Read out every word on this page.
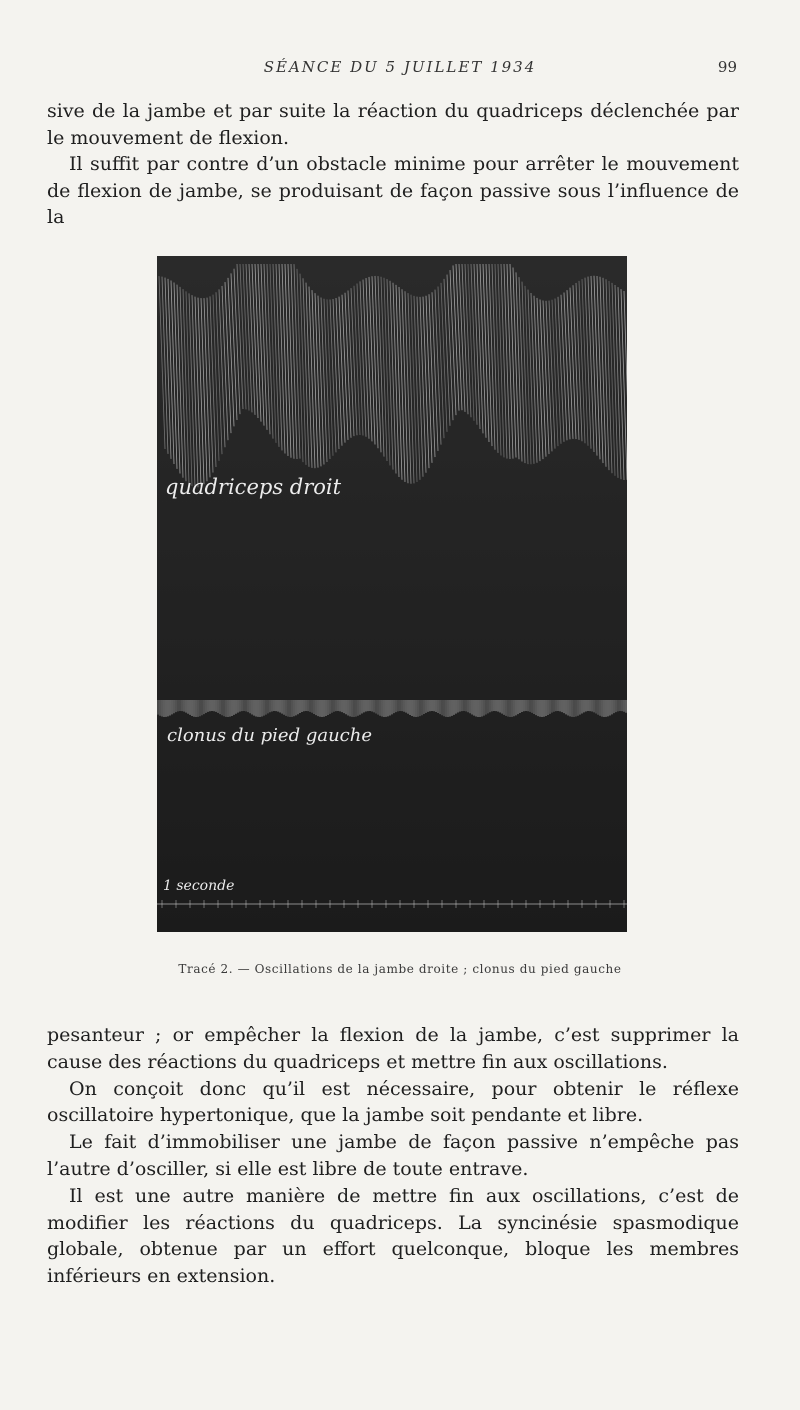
SÉANCE DU 5 JUILLET 1934	99

sive de la jambe et par suite la réaction du quadriceps déclenchée par le mouvement de flexion.

Il suffit par contre d’un obstacle minime pour arrêter le mouvement de flexion de jambe, se produisant de façon passive sous l’influence de la

quadriceps droit
clonus du pied gauche
1 seconde
Tracé 2. — Oscillations de la jambe droite ; clonus du pied gauche

pesanteur ; or empêcher la flexion de la jambe, c’est supprimer la cause des réactions du quadriceps et mettre fin aux oscillations.

On conçoit donc qu’il est nécessaire, pour obtenir le réflexe oscillatoire hypertonique, que la jambe soit pendante et libre.

Le fait d’immobiliser une jambe de façon passive n’empêche pas l’autre d’osciller, si elle est libre de toute entrave.

Il est une autre manière de mettre fin aux oscillations, c’est de modifier les réactions du quadriceps. La syncinésie spasmodique globale, obtenue par un effort quelconque, bloque les membres inférieurs en extension.
